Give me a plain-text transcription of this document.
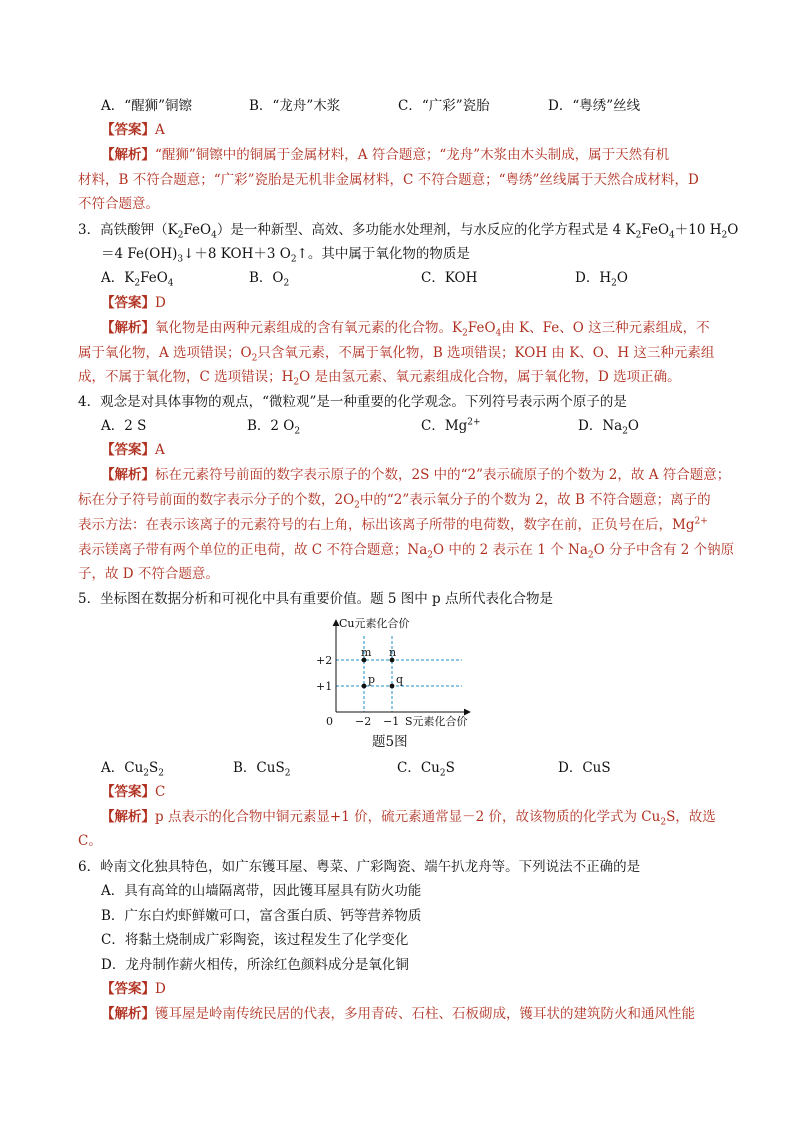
A．“醒狮”铜镲	B．“龙舟”木浆	C．“广彩”瓷胎	D．“粤绣”丝线
【答案】A
【解析】“醒狮”铜镲中的铜属于金属材料，A 符合题意；“龙舟”木浆由木头制成，属于天然有机
材料，B 不符合题意；“广彩”瓷胎是无机非金属材料，C 不符合题意；“粤绣”丝线属于天然合成材料，D
不符合题意。
3．高铁酸钾$(K_2FeO_4)$是一种新型、高效、多功能水处理剂，与水反应的化学方程式是 4 $K_2FeO_4+10$ $H_2O$
＝4 $Fe(OH)_3↓+8$ KOH＋3 $O_2↑$。其中属于氧化物的物质是
A．$K_2FeO_4$	B．$O_2$	C．KOH	D．$H_2O$
【答案】D
【解析】氧化物是由两种元素组成的含有氧元素的化合物。$K_2FeO_4$由 K、Fe、O 这三种元素组成，不
属于氧化物，A 选项错误；$O_2$只含氧元素，不属于氧化物，B 选项错误；KOH 由 K、O、H 这三种元素组
成，不属于氧化物，C 选项错误；$H_2O$ 是由氢元素、氧元素组成化合物，属于氧化物，D 选项正确。
4．观念是对具体事物的观点，“微粒观”是一种重要的化学观念。下列符号表示两个原子的是
A．2 S	B．2 $O_2$	C．$Mg^{2+}$	D．$Na_2O$
【答案】A
【解析】标在元素符号前面的数字表示原子的个数，2S 中的“2”表示硫原子的个数为 2，故 A 符合题意；
标在分子符号前面的数字表示分子的个数，$2O_2$中的“2”表示氧分子的个数为 2，故 B 不符合题意；离子的
表示方法：在表示该离子的元素符号的右上角，标出该离子所带的电荷数，数字在前，正负号在后，$Mg^{2+}$
表示镁离子带有两个单位的正电荷，故 C 不符合题意；$Na_2O$ 中的 2 表示在 1 个 $Na_2O$ 分子中含有 2 个钠原
子，故 D 不符合题意。
5．坐标图在数据分析和可视化中具有重要价值。题 5 图中 p 点所代表化合物是
Cu元素化合价
S元素化合价
0
+2
+1
−2 −1
m n
p q
题5图
A．$Cu_2S_2$	B．CuS$_2$	C．$Cu_2S$	D．CuS
【答案】C
【解析】p 点表示的化合物中铜元素显+1 价，硫元素通常显－2 价，故该物质的化学式为 $Cu_2S$，故选
C。
6．岭南文化独具特色，如广东镬耳屋、粤菜、广彩陶瓷、端午扒龙舟等。下列说法不正确的是
A．具有高耸的山墙隔离带，因此镬耳屋具有防火功能
B．广东白灼虾鲜嫩可口，富含蛋白质、钙等营养物质
C．将黏土烧制成广彩陶瓷，该过程发生了化学变化
D．龙舟制作薪火相传，所涂红色颜料成分是氧化铜
【答案】D
【解析】镬耳屋是岭南传统民居的代表，多用青砖、石柱、石板砌成，镬耳状的建筑防火和通风性能
